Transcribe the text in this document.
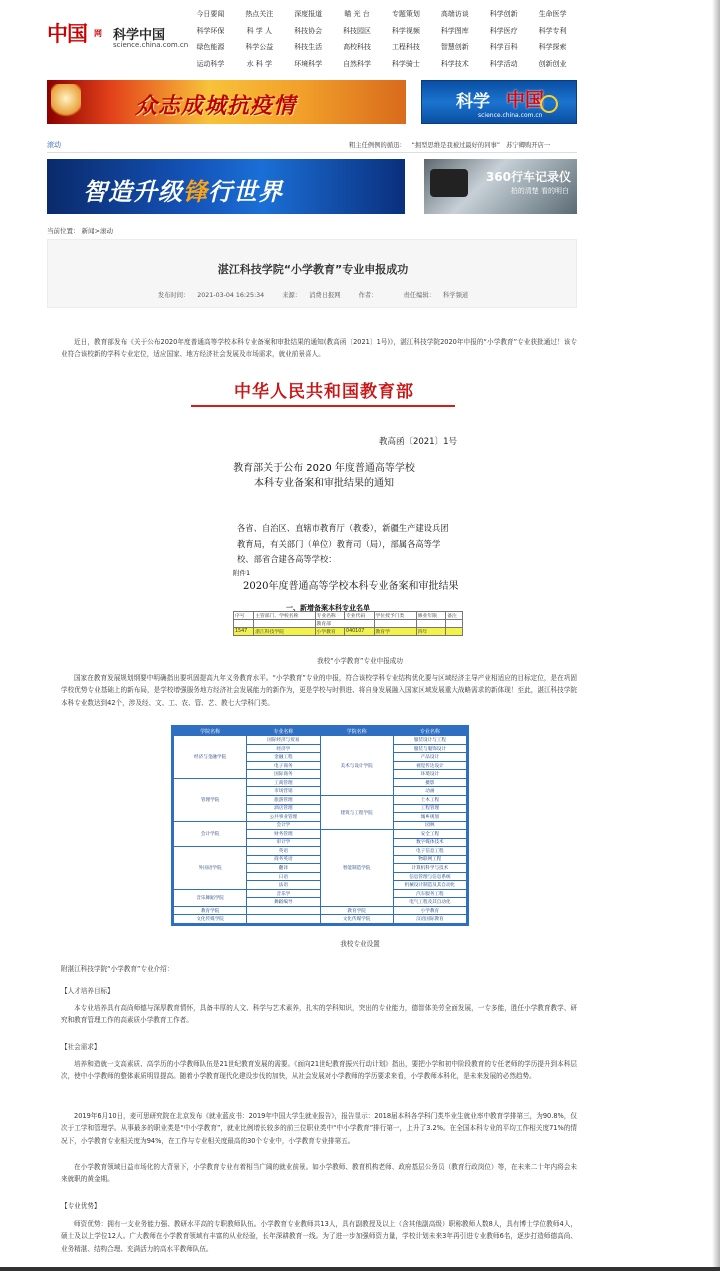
中国 网 科学中国
science.china.com.cn
今日要闻	热点关注	深度报道	瞄 光 台	专题策划	高端访谈	科学创新	生命医学
科学环保	科 学 人	科技协会	科技园区	科学视频	科学图库	科学医疗	科学专利
绿色能源	科学公益	科技生活	高校科技	工程科技	智慧创新	科学百科	科学探索
运动科学	水 科 学	环境科学	自然科学	科学骑士	科学技术	科学活动	创新创业
众志成城抗疫情	科学 中国
science.china.com.cn
滚动	粗主任例例的循迅： “拥型思维是我被过最好的同事” 苏宁卿购开店一
智造升级锋行世界
360行车记录仪
拍的清楚 看的明白
当前位置： 新闻>滚动
湛江科技学院“小学教育”专业申报成功
发布时间： 2021-03-04 16:25:34	来源： 消费日报网	作者：	责任编辑： 科学频道
近日，教育部发布《关于公布2020年度普通高等学校本科专业备案和审批结果的通知(教高函〔2021〕1号)》，湛江科技学院2020年申报的“小学教育”专业获批通过！该专业符合该校新的学科专业定位，适应国家、地方经济社会发展及市场需求，就业前景喜人。
中华人民共和国教育部
教高函〔2021〕1号
教育部关于公布 2020 年度普通高等学校
本科专业备案和审批结果的通知
各省、自治区、直辖市教育厅（教委），新疆生产建设兵团教育局，有关部门（单位）教育司（局），部属各高等学校、部省合建各高等学校：
附件1
2020年度普通高等学校本科专业备案和审批结果
一、新增备案本科专业名单
序号	主管部门、学校名称	专业名称	专业代码	学位授予门类	修业年限	备注
		教育部				
1547	湛江科技学院	小学教育	040107	教育学	四年	
我校“小学教育”专业申报成功
国家在教育发展规划纲要中明确指出要巩固提高九年义务教育水平。“小学教育”专业的申报，符合该校学科专业结构优化要与区域经济主导产业相适应的目标定位，是在巩固学校优势专业基础上的新布局，是学校增强服务地方经济社会发展能力的新作为，更是学校与时俱进、将自身发展融入国家区域发展重大战略需求的新体现！至此，湛江科技学院本科专业数达到42个，涉及经、文、工、农、管、艺、教七大学科门类。
学院名称	专业名称	学院名称	专业名称
经济与金融学院	国际经济与贸易	美术与设计学院	服装设计与工程
	经济学		服装与服饰设计
	金融工程		产品设计
	电子商务		视觉传达设计
	国际商务		环境设计
管理学院	工商管理		摄影
	市场营销		动画
	旅游管理	建筑与工程学院	土木工程
	酒店管理		工程管理
	公共事业管理		城乡规划
会计学院	会计学		园林
	财务管理	智能制造学院	安全工程
	审计学		数字媒体技术
外国语学院	英语		电子信息工程
	商务英语		物联网工程
	翻译		计算机科学与技术
	日语		信息管理与信息系统
	法语		机械设计制造及其自动化
音乐舞蹈学院	音乐学		汽车服务工程
	舞蹈编导		电气工程及其自动化
教育学院		教育学院	小学教育
文化传媒学院		文化传媒学院	汉语国际教育
我校专业设置
附湛江科技学院“小学教育”专业介绍：
【人才培养目标】
本专业培养具有高尚师德与深厚教育情怀，具备丰厚的人文、科学与艺术素养，扎实的学科知识，突出的专业能力，德智体美劳全面发展，一专多能，胜任小学教育教学、研究和教育管理工作的高素质小学教育工作者。
【社会需求】
培养和造就一支高素质、高学历的小学教师队伍是21世纪教育发展的需要。《面向21世纪教育振兴行动计划》指出，要把小学和初中阶段教育的专任老师的学历提升到本科层次，使中小学教师的整体素质明显提高。随着小学教育现代化建设步伐的加快，从社会发展对小学教师的学历要求来看，小学教师本科化，是未来发展的必然趋势。
2019年6月10日，麦可思研究院在北京发布《就业蓝皮书：2019年中国大学生就业报告》，报告显示：2018届本科各学科门类毕业生就业率中教育学排第三，为90.8%，仅次于工学和管理学。从事最多的职业类是“中小学教育”，就业比例增长较多的前三位职业类中“中小学教育”排行第一，上升了3.2%。在全国本科专业的平均工作相关度71%的情况下，小学教育专业相关度为94%，在工作与专业相关度最高的30个专业中，小学教育专业排第五。
在小学教育领域日益市场化的大背景下，小学教育专业有着相当广阔的就业前景。如小学教师、教育机构老师、政府基层公务员（教育行政岗位）等，在未来二十年内将会未来就职的黄金期。
【专业优势】
师资优势：拥有一支业务能力强、教研水平高的专职教师队伍。小学教育专业教师共13人，具有副教授及以上（含其他副高级）职称教师人数8人，具有博士学位教师4人，硕士及以上学位12人。广大教师在小学教育领域有丰富的从业经验，长年深耕教育一线。为了进一步加强师资力量，学校计划未来3年再引进专业教师6名，逐步打造师德高尚、业务精湛、结构合理、充满活力的高水平教师队伍。
